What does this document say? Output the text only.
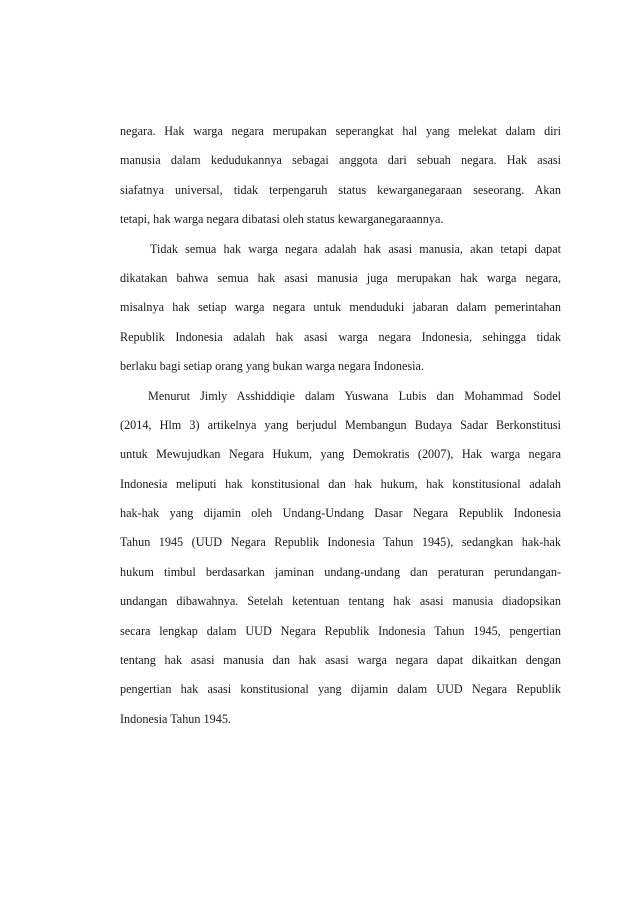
negara. Hak warga negara merupakan seperangkat hal yang melekat dalam diri
manusia dalam kedudukannya sebagai anggota dari sebuah negara. Hak asasi
siafatnya universal, tidak terpengaruh status kewarganegaraan seseorang. Akan
tetapi, hak warga negara dibatasi oleh status kewarganegaraannya.
Tidak semua hak warga negara adalah hak asasi manusia, akan tetapi dapat
dikatakan bahwa semua hak asasi manusia juga merupakan hak warga negara,
misalnya hak setiap warga negara untuk menduduki jabaran dalam pemerintahan
Republik Indonesia adalah hak asasi warga negara Indonesia, sehingga tidak
berlaku bagi setiap orang yang bukan warga negara Indonesia.
Menurut Jimly Asshiddiqie dalam Yuswana Lubis dan Mohammad Sodel
(2014, Hlm 3) artikelnya yang berjudul Membangun Budaya Sadar Berkonstitusi
untuk Mewujudkan Negara Hukum, yang Demokratis (2007), Hak warga negara
Indonesia meliputi hak konstitusional dan hak hukum, hak konstitusional adalah
hak-hak yang dijamin oleh Undang-Undang Dasar Negara Republik Indonesia
Tahun 1945 (UUD Negara Republik Indonesia Tahun 1945), sedangkan hak-hak
hukum timbul berdasarkan jaminan undang-undang dan peraturan perundangan-
undangan dibawahnya. Setelah ketentuan tentang hak asasi manusia diadopsikan
secara lengkap dalam UUD Negara Republik Indonesia Tahun 1945, pengertian
tentang hak asasi manusia dan hak asasi warga negara dapat dikaitkan dengan
pengertian hak asasi konstitusional yang dijamin dalam UUD Negara Republik
Indonesia Tahun 1945.
